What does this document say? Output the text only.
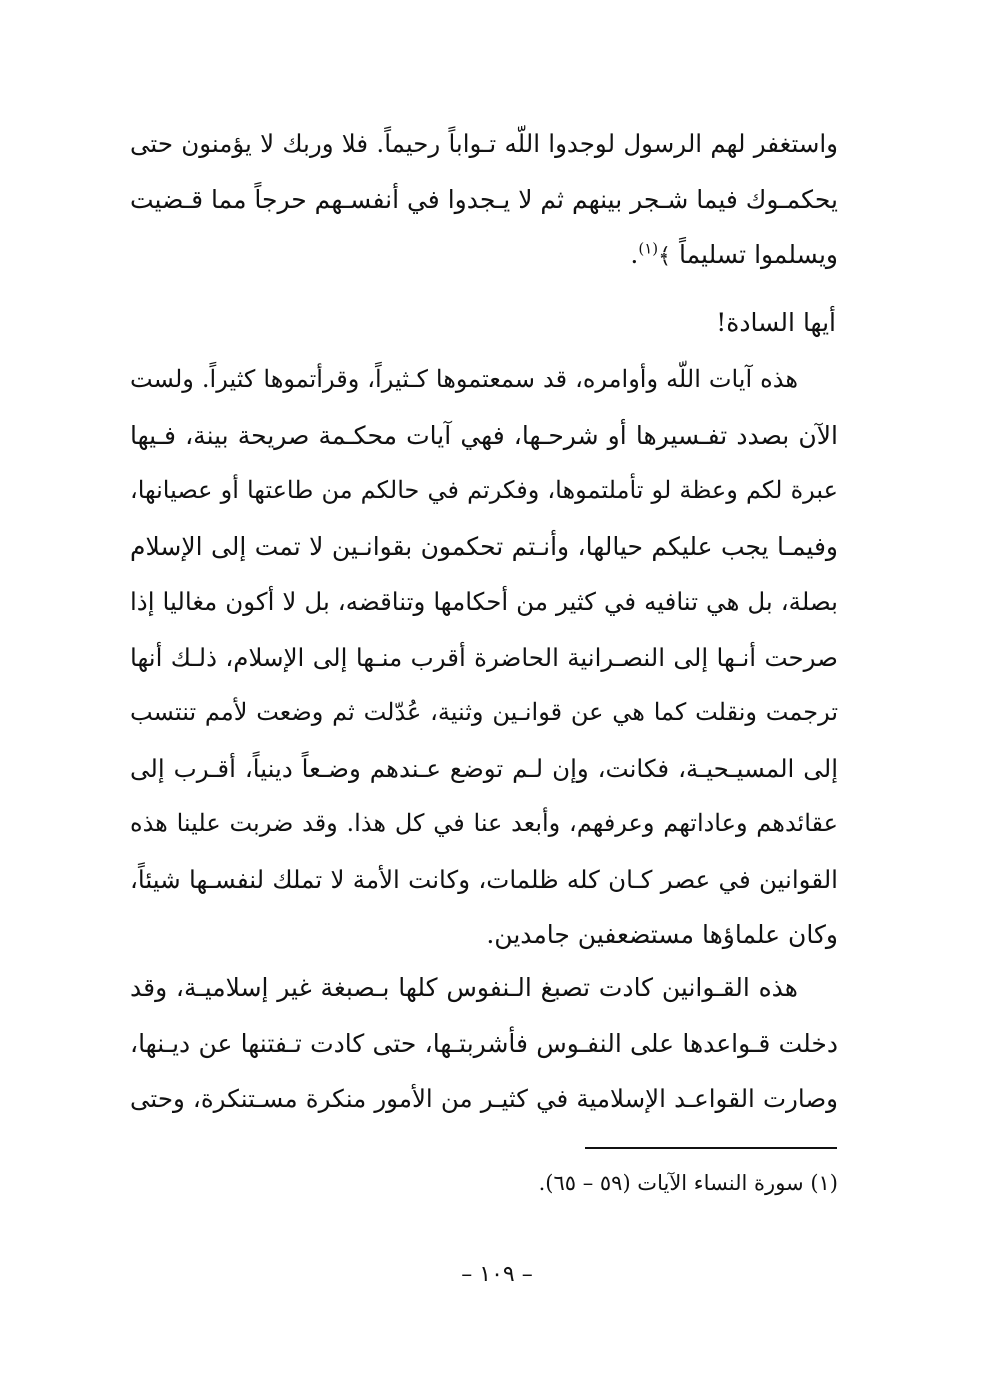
واستغفر لهم الرسول لوجدوا اللّه تـواباً رحيماً. فلا وربك لا يؤمنون حتى
يحكمـوك فيما شـجر بينهم ثم لا يـجدوا في أنفسـهم حرجاً مما قـضيت
ويسلموا تسليماً ﴾$^{(١)}$.
أيها السادة!
هذه آيات اللّه وأوامره، قد سمعتموها كـثيراً، وقرأتموها كثيراً. ولست
الآن بصدد تفـسيرها أو شرحـها، فهي آيات محكـمة صريحة بينة، فـيها
عبرة لكم وعظة لو تأملتموها، وفكرتم في حالكم من طاعتها أو عصيانها،
وفيمـا يجب عليكم حيالها، وأنـتم تحكمون بقوانـين لا تمت إلى الإسلام
بصلة، بل هي تنافيه في كثير من أحكامها وتناقضه، بل لا أكون مغاليا إذا
صرحت أنـها إلى النصـرانية الحاضرة أقرب منـها إلى الإسلام، ذلـك أنها
ترجمت ونقلت كما هي عن قوانـين وثنية، عُدّلت ثم وضعت لأمم تنتسب
إلى المسيـحيـة، فكانت، وإن لـم توضع عـندهم وضـعاً دينياً، أقـرب إلى
عقائدهم وعاداتهم وعرفهم، وأبعد عنا في كل هذا. وقد ضربت علينا هذه
القوانين في عصر كـان كله ظلمات، وكانت الأمة لا تملك لنفسـها شيئاً،
وكان علماؤها مستضعفين جامدين.
هذه القـوانين كادت تصبغ الـنفوس كلها بـصبغة غير إسلاميـة، وقد
دخلت قـواعدها على النفـوس فأشربتـها، حتى كادت تـفتنها عن ديـنها،
وصارت القواعـد الإسلامية في كثيـر من الأمور منكرة مسـتنكرة، وحتى
(١) سورة النساء الآيات (٥٩ – ٦٥).
– ١٠٩ –
